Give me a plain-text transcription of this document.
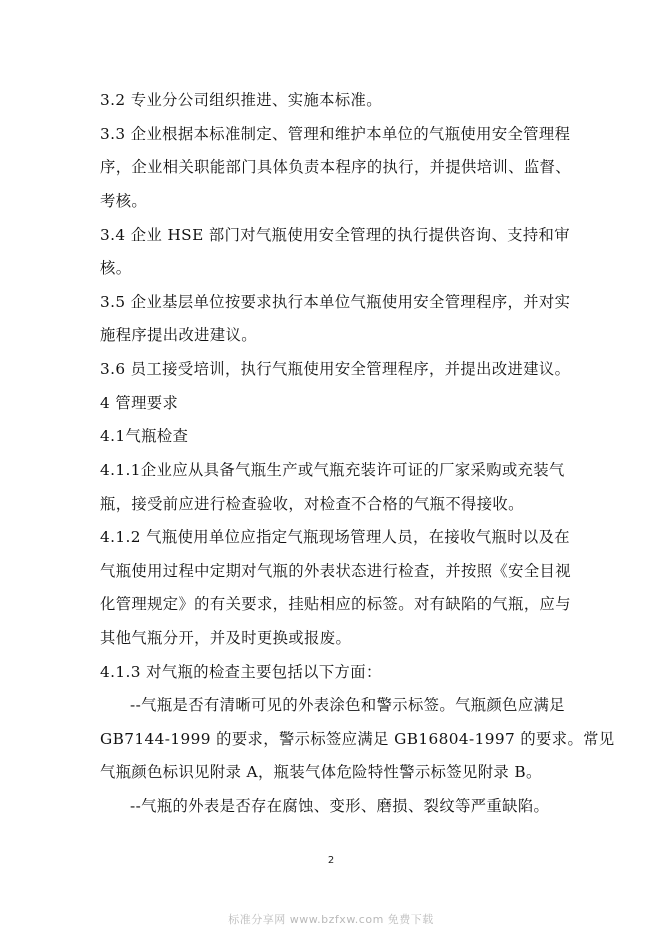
3.2 专业分公司组织推进、实施本标准。
3.3 企业根据本标准制定、管理和维护本单位的气瓶使用安全管理程
序，企业相关职能部门具体负责本程序的执行，并提供培训、监督、
考核。
3.4 企业 HSE 部门对气瓶使用安全管理的执行提供咨询、支持和审
核。
3.5 企业基层单位按要求执行本单位气瓶使用安全管理程序，并对实
施程序提出改进建议。
3.6 员工接受培训，执行气瓶使用安全管理程序，并提出改进建议。
4 管理要求
4.1气瓶检查
4.1.1企业应从具备气瓶生产或气瓶充装许可证的厂家采购或充装气
瓶，接受前应进行检查验收，对检查不合格的气瓶不得接收。
4.1.2 气瓶使用单位应指定气瓶现场管理人员，在接收气瓶时以及在
气瓶使用过程中定期对气瓶的外表状态进行检查，并按照《安全目视
化管理规定》的有关要求，挂贴相应的标签。对有缺陷的气瓶，应与
其他气瓶分开，并及时更换或报废。
4.1.3 对气瓶的检查主要包括以下方面：
--气瓶是否有清晰可见的外表涂色和警示标签。气瓶颜色应满足
GB7144-1999 的要求，警示标签应满足 GB16804-1997 的要求。常见
气瓶颜色标识见附录 A，瓶装气体危险特性警示标签见附录 B。
--气瓶的外表是否存在腐蚀、变形、磨损、裂纹等严重缺陷。
2
标准分享网 www.bzfxw.com 免费下载
